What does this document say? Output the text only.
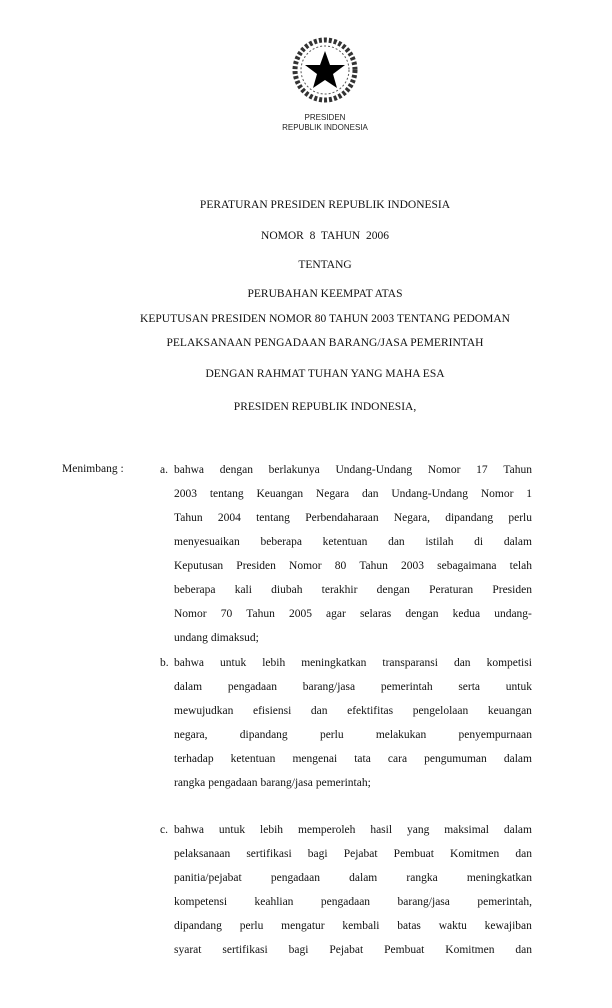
PRESIDEN
REPUBLIK INDONESIA
PERATURAN PRESIDEN REPUBLIK INDONESIA
NOMOR  8  TAHUN  2006
TENTANG
PERUBAHAN KEEMPAT ATAS
KEPUTUSAN PRESIDEN NOMOR 80 TAHUN 2003 TENTANG PEDOMAN
PELAKSANAAN PENGADAAN BARANG/JASA PEMERINTAH
DENGAN RAHMAT TUHAN YANG MAHA ESA
PRESIDEN REPUBLIK INDONESIA,
Menimbang :	a. bahwa dengan berlakunya Undang-Undang Nomor 17 Tahun
2003 tentang Keuangan Negara dan Undang-Undang Nomor 1
Tahun 2004 tentang Perbendaharaan Negara, dipandang perlu
menyesuaikan beberapa ketentuan dan istilah di dalam
Keputusan Presiden Nomor 80 Tahun 2003 sebagaimana telah
beberapa kali diubah terakhir dengan Peraturan Presiden
Nomor 70 Tahun 2005 agar selaras dengan kedua undang-
undang dimaksud;
b. bahwa untuk lebih meningkatkan transparansi dan kompetisi
dalam pengadaan barang/jasa pemerintah serta untuk
mewujudkan efisiensi dan efektifitas pengelolaan keuangan
negara,	dipandang	perlu	melakukan	penyempurnaan
terhadap ketentuan mengenai tata cara pengumuman dalam
rangka pengadaan barang/jasa pemerintah;
c. bahwa untuk lebih memperoleh hasil yang maksimal dalam
pelaksanaan sertifikasi bagi Pejabat Pembuat Komitmen dan
panitia/pejabat	pengadaan	dalam	rangka	meningkatkan
kompetensi keahlian pengadaan barang/jasa pemerintah,
dipandang perlu mengatur kembali batas waktu kewajiban
syarat sertifikasi bagi Pejabat Pembuat Komitmen dan
